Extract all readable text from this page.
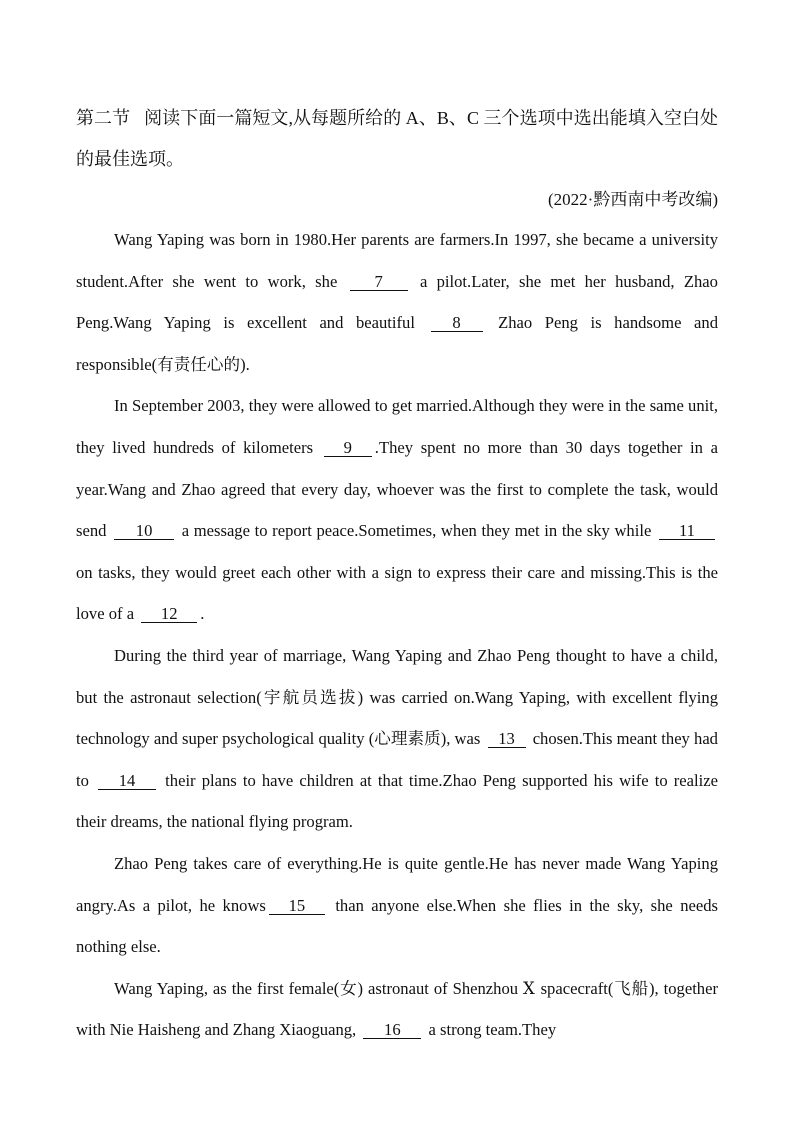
第二节 阅读下面一篇短文,从每题所给的 A、B、C 三个选项中选出能填入空白处的最佳选项。
(2022·黔西南中考改编)

Wang Yaping was born in 1980.Her parents are farmers.In 1997, she became a university student.After she went to work, she 7 a pilot.Later, she met her husband, Zhao Peng.Wang Yaping is excellent and beautiful 8 Zhao Peng is handsome and responsible(有责任心的).

In September 2003, they were allowed to get married.Although they were in the same unit, they lived hundreds of kilometers 9 .They spent no more than 30 days together in a year.Wang and Zhao agreed that every day, whoever was the first to complete the task, would send 10 a message to report peace.Sometimes, when they met in the sky while 11 on tasks, they would greet each other with a sign to express their care and missing.This is the love of a 12 .

During the third year of marriage, Wang Yaping and Zhao Peng thought to have a child, but the astronaut selection(宇航员选拔) was carried on.Wang Yaping, with excellent flying technology and super psychological quality (心理素质), was 13 chosen.This meant they had to 14 their plans to have children at that time.Zhao Peng supported his wife to realize their dreams, the national flying program.

Zhao Peng takes care of everything.He is quite gentle.He has never made Wang Yaping angry.As a pilot, he knows 15 than anyone else.When she flies in the sky, she needs nothing else.

Wang Yaping, as the first female(女) astronaut of Shenzhou Ⅹ spacecraft(飞船), together with Nie Haisheng and Zhang Xiaoguang, 16 a strong team.They
